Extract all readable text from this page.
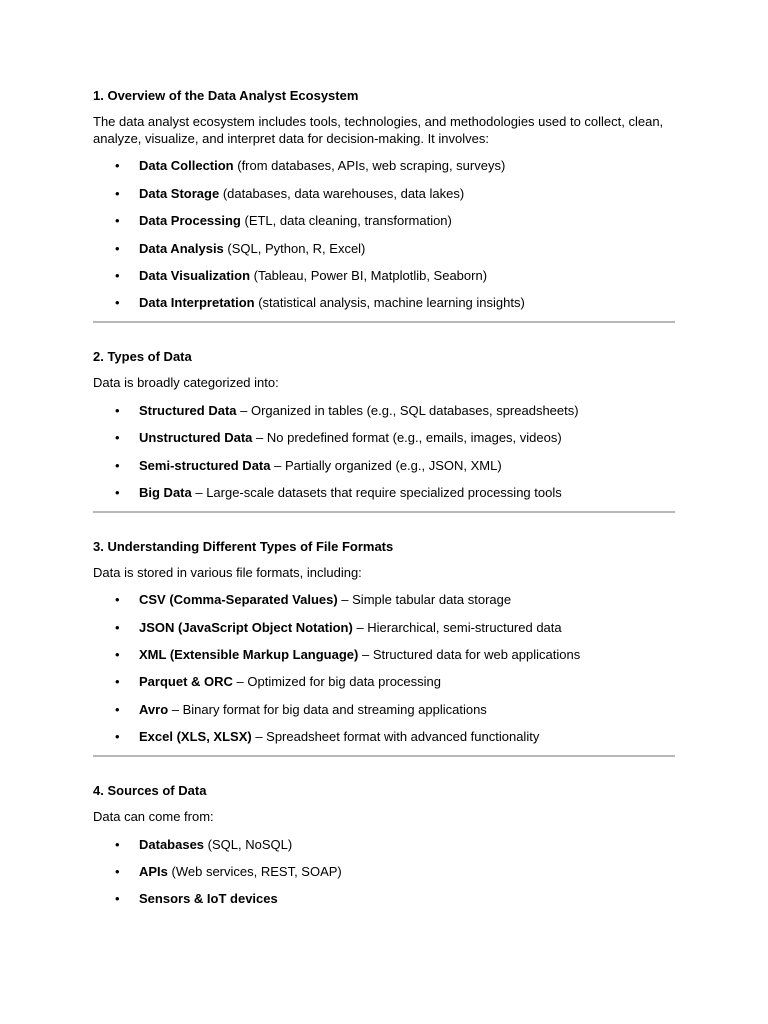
1. Overview of the Data Analyst Ecosystem

The data analyst ecosystem includes tools, technologies, and methodologies used to collect, clean, analyze, visualize, and interpret data for decision-making. It involves:

• Data Collection (from databases, APIs, web scraping, surveys)
• Data Storage (databases, data warehouses, data lakes)
• Data Processing (ETL, data cleaning, transformation)
• Data Analysis (SQL, Python, R, Excel)
• Data Visualization (Tableau, Power BI, Matplotlib, Seaborn)
• Data Interpretation (statistical analysis, machine learning insights)

2. Types of Data

Data is broadly categorized into:

• Structured Data – Organized in tables (e.g., SQL databases, spreadsheets)
• Unstructured Data – No predefined format (e.g., emails, images, videos)
• Semi-structured Data – Partially organized (e.g., JSON, XML)
• Big Data – Large-scale datasets that require specialized processing tools

3. Understanding Different Types of File Formats

Data is stored in various file formats, including:

• CSV (Comma-Separated Values) – Simple tabular data storage
• JSON (JavaScript Object Notation) – Hierarchical, semi-structured data
• XML (Extensible Markup Language) – Structured data for web applications
• Parquet & ORC – Optimized for big data processing
• Avro – Binary format for big data and streaming applications
• Excel (XLS, XLSX) – Spreadsheet format with advanced functionality

4. Sources of Data

Data can come from:

• Databases (SQL, NoSQL)
• APIs (Web services, REST, SOAP)
• Sensors & IoT devices
